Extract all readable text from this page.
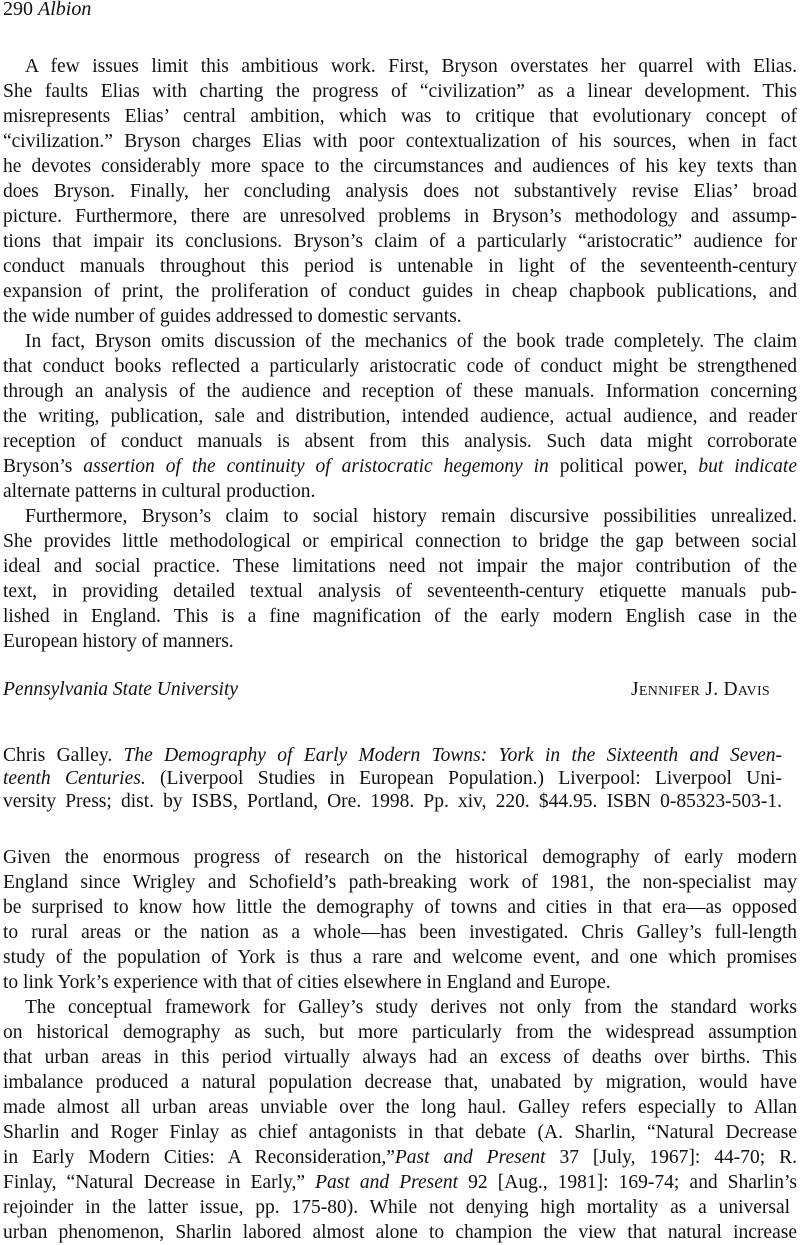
290 Albion
A few issues limit this ambitious work. First, Bryson overstates her quarrel with Elias.
She faults Elias with charting the progress of “civilization” as a linear development. This
misrepresents Elias’ central ambition, which was to critique that evolutionary concept of
“civilization.” Bryson charges Elias with poor contextualization of his sources, when in fact
he devotes considerably more space to the circumstances and audiences of his key texts than
does Bryson. Finally, her concluding analysis does not substantively revise Elias’ broad
picture. Furthermore, there are unresolved problems in Bryson’s methodology and assump-
tions that impair its conclusions. Bryson’s claim of a particularly “aristocratic” audience for
conduct manuals throughout this period is untenable in light of the seventeenth-century
expansion of print, the proliferation of conduct guides in cheap chapbook publications, and
the wide number of guides addressed to domestic servants.
In fact, Bryson omits discussion of the mechanics of the book trade completely. The claim
that conduct books reflected a particularly aristocratic code of conduct might be strengthened
through an analysis of the audience and reception of these manuals. Information concerning
the writing, publication, sale and distribution, intended audience, actual audience, and reader
reception of conduct manuals is absent from this analysis. Such data might corroborate
Bryson’s assertion of the continuity of aristocratic hegemony in political power, but indicate
alternate patterns in cultural production.
Furthermore, Bryson’s claim to social history remain discursive possibilities unrealized.
She provides little methodological or empirical connection to bridge the gap between social
ideal and social practice. These limitations need not impair the major contribution of the
text, in providing detailed textual analysis of seventeenth-century etiquette manuals pub-
lished in England. This is a fine magnification of the early modern English case in the
European history of manners.
Pennsylvania State University	Jennifer J. Davis
Chris Galley. The Demography of Early Modern Towns: York in the Sixteenth and Seven-
teenth Centuries. (Liverpool Studies in European Population.) Liverpool: Liverpool Uni-
versity Press; dist. by ISBS, Portland, Ore. 1998. Pp. xiv, 220. $44.95. ISBN 0-85323-503-1.
Given the enormous progress of research on the historical demography of early modern
England since Wrigley and Schofield’s path-breaking work of 1981, the non-specialist may
be surprised to know how little the demography of towns and cities in that era—as opposed
to rural areas or the nation as a whole—has been investigated. Chris Galley’s full-length
study of the population of York is thus a rare and welcome event, and one which promises
to link York’s experience with that of cities elsewhere in England and Europe.
The conceptual framework for Galley’s study derives not only from the standard works
on historical demography as such, but more particularly from the widespread assumption
that urban areas in this period virtually always had an excess of deaths over births. This
imbalance produced a natural population decrease that, unabated by migration, would have
made almost all urban areas unviable over the long haul. Galley refers especially to Allan
Sharlin and Roger Finlay as chief antagonists in that debate (A. Sharlin, “Natural Decrease
in Early Modern Cities: A Reconsideration,”Past and Present 37 [July, 1967]: 44-70; R.
Finlay, “Natural Decrease in Early,” Past and Present 92 [Aug., 1981]: 169-74; and Sharlin’s
rejoinder in the latter issue, pp. 175-80). While not denying high mortality as a universal
urban phenomenon, Sharlin labored almost alone to champion the view that natural increase
